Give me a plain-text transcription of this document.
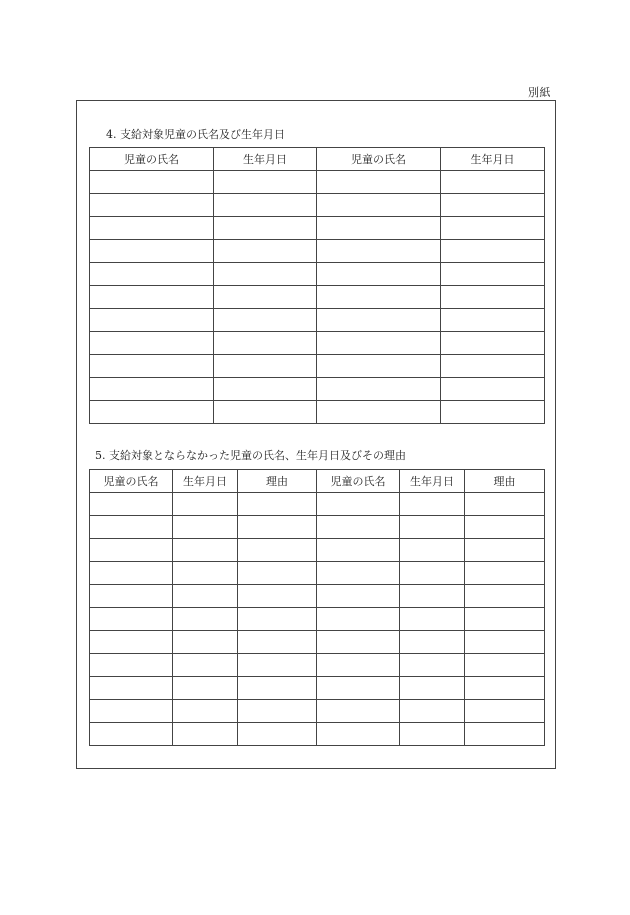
別紙
4. 支給対象児童の氏名及び生年月日
児童の氏名	生年月日	児童の氏名	生年月日

5. 支給対象とならなかった児童の氏名、生年月日及びその理由
児童の氏名	生年月日	理由	児童の氏名	生年月日	理由
